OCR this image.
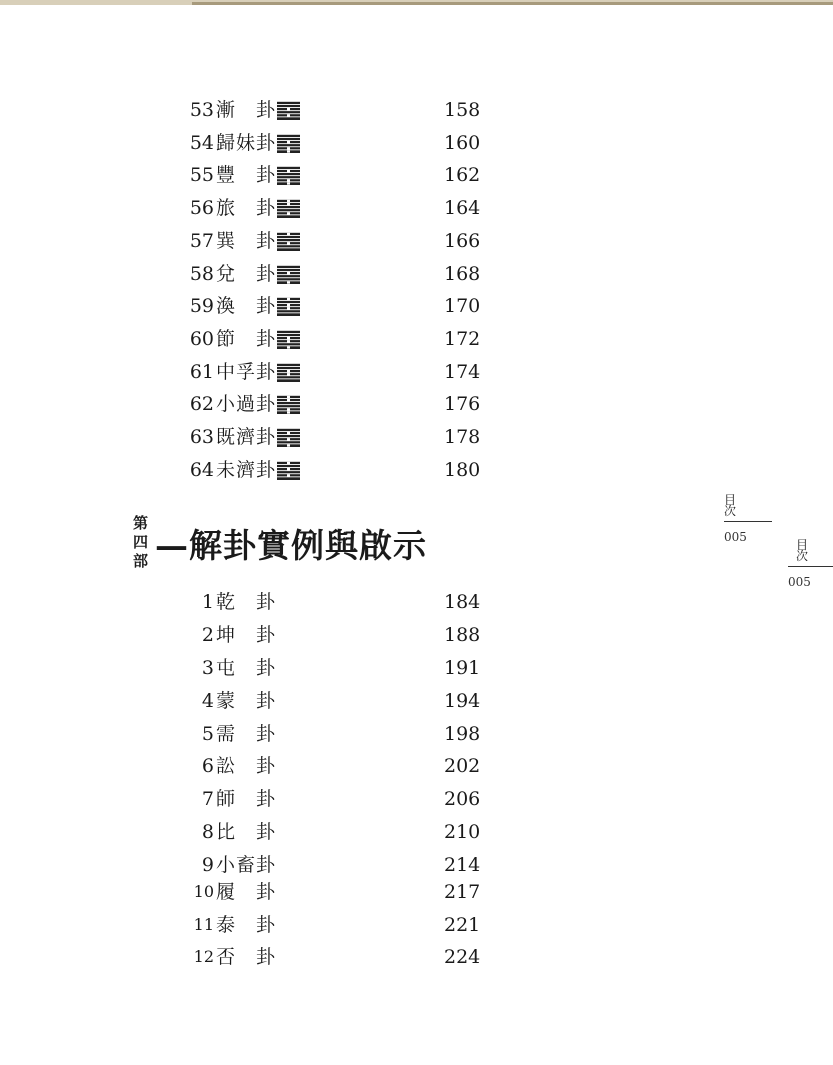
53 漸　卦	158
54 歸妹卦	160
55 豐　卦	162
56 旅　卦	164
57 巽　卦	166
58 兌　卦	168
59 渙　卦	170
60 節　卦	172
61 中孚卦	174
62 小過卦	176
63 既濟卦	178
64 未濟卦	180
1 乾　卦	184
2 坤　卦	188
3 屯　卦	191
4 蒙　卦	194
5 需　卦	198
6 訟　卦	202
7 師　卦	206
8 比　卦	210
9 小畜卦	214
10 履　卦	217
11 泰　卦	221
12 否　卦	224
第
四
部 —解卦實例與啟示
目
次
005
目
次
005
